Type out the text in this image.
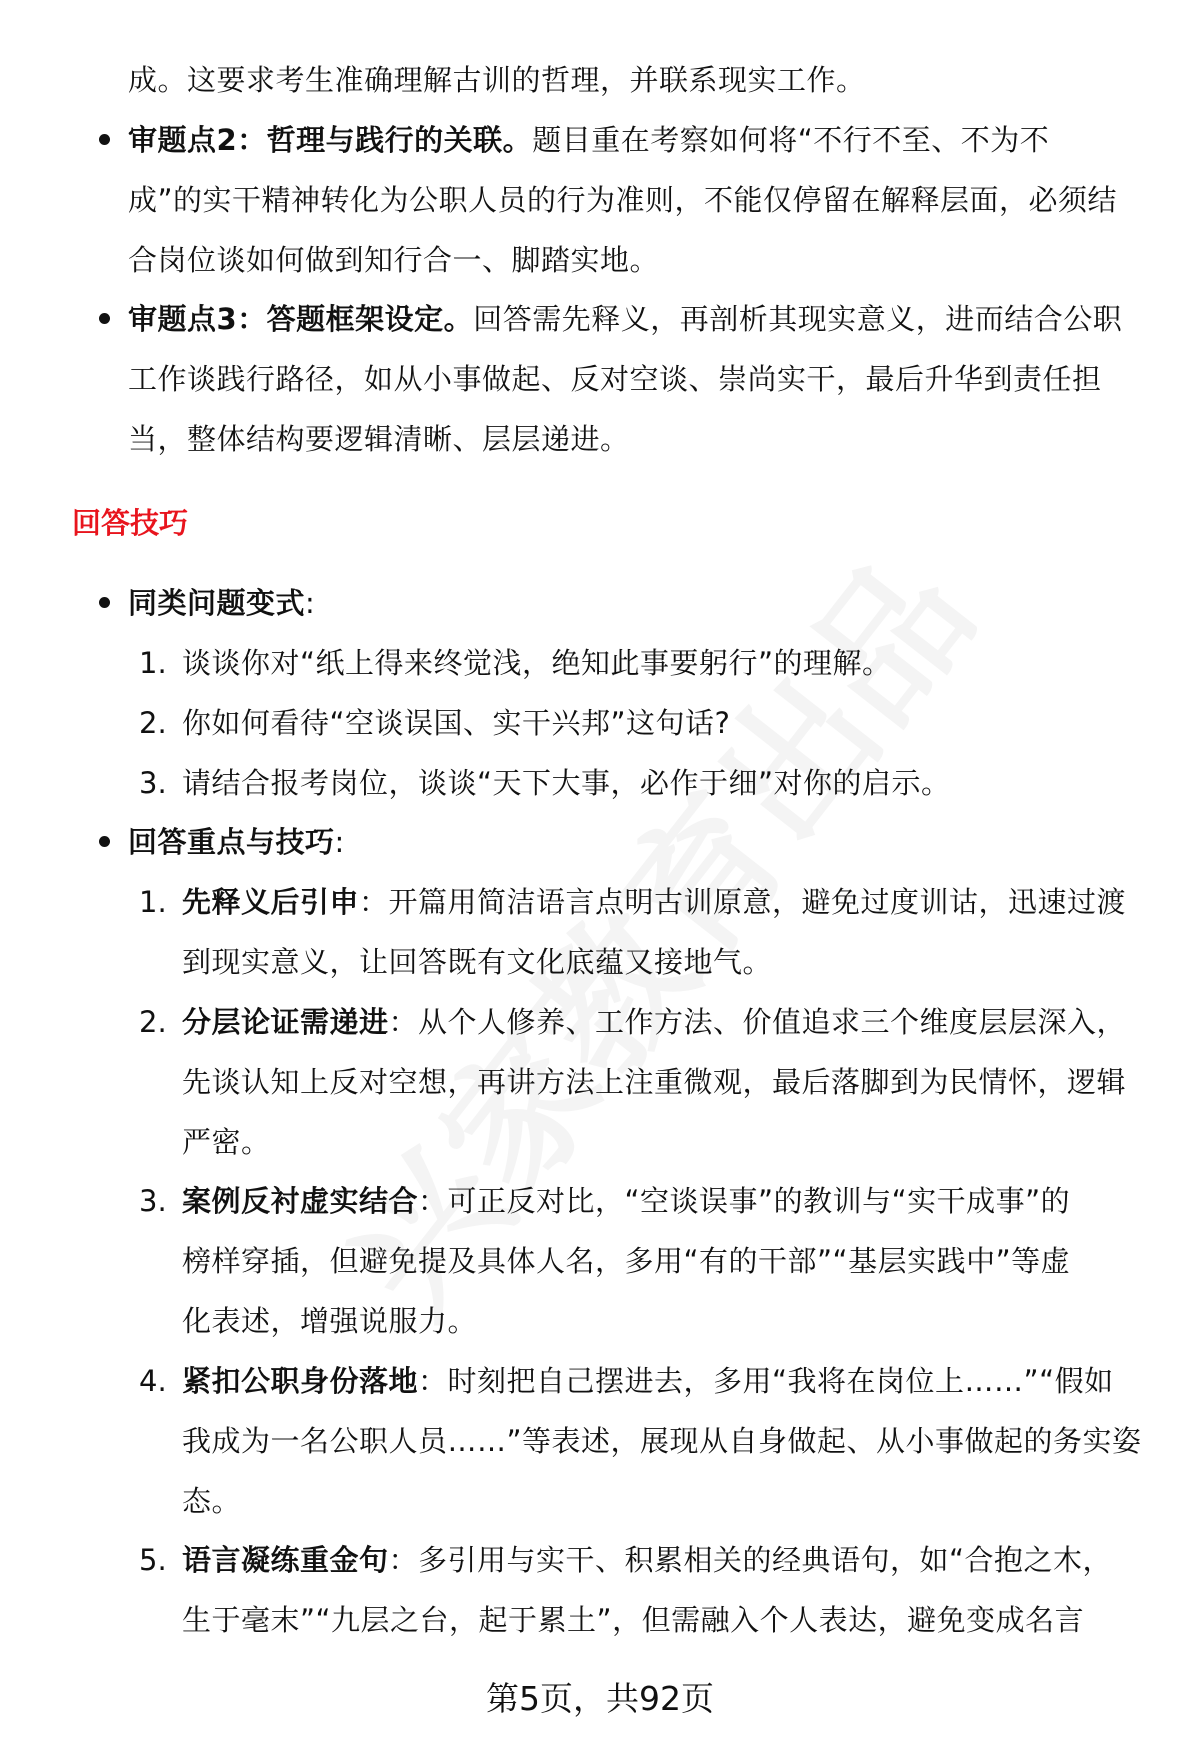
成。这要求考生准确理解古训的哲理，并联系现实工作。
审题点2：哲理与践行的关联。题目重在考察如何将“不行不至、不为不
成”的实干精神转化为公职人员的行为准则，不能仅停留在解释层面，必须结
合岗位谈如何做到知行合一、脚踏实地。
审题点3：答题框架设定。回答需先释义，再剖析其现实意义，进而结合公职
工作谈践行路径，如从小事做起、反对空谈、崇尚实干，最后升华到责任担
当，整体结构要逻辑清晰、层层递进。
回答技巧
同类问题变式:
1. 谈谈你对“纸上得来终觉浅，绝知此事要躬行”的理解。
2. 你如何看待“空谈误国、实干兴邦”这句话?
3. 请结合报考岗位，谈谈“天下大事，必作于细”对你的启示。
回答重点与技巧:
1. 先释义后引申：开篇用简洁语言点明古训原意，避免过度训诂，迅速过渡
到现实意义，让回答既有文化底蕴又接地气。
2. 分层论证需递进：从个人修养、工作方法、价值追求三个维度层层深入，
先谈认知上反对空想，再讲方法上注重微观，最后落脚到为民情怀，逻辑
严密。
3. 案例反衬虚实结合：可正反对比，“空谈误事”的教训与“实干成事”的
榜样穿插，但避免提及具体人名，多用“有的干部”“基层实践中”等虚
化表述，增强说服力。
4. 紧扣公职身份落地：时刻把自己摆进去，多用“我将在岗位上……”“假如
我成为一名公职人员……”等表述，展现从自身做起、从小事做起的务实姿
态。
5. 语言凝练重金句：多引用与实干、积累相关的经典语句，如“合抱之木，
生于毫末”“九层之台，起于累土”，但需融入个人表达，避免变成名言
第5页，共92页
